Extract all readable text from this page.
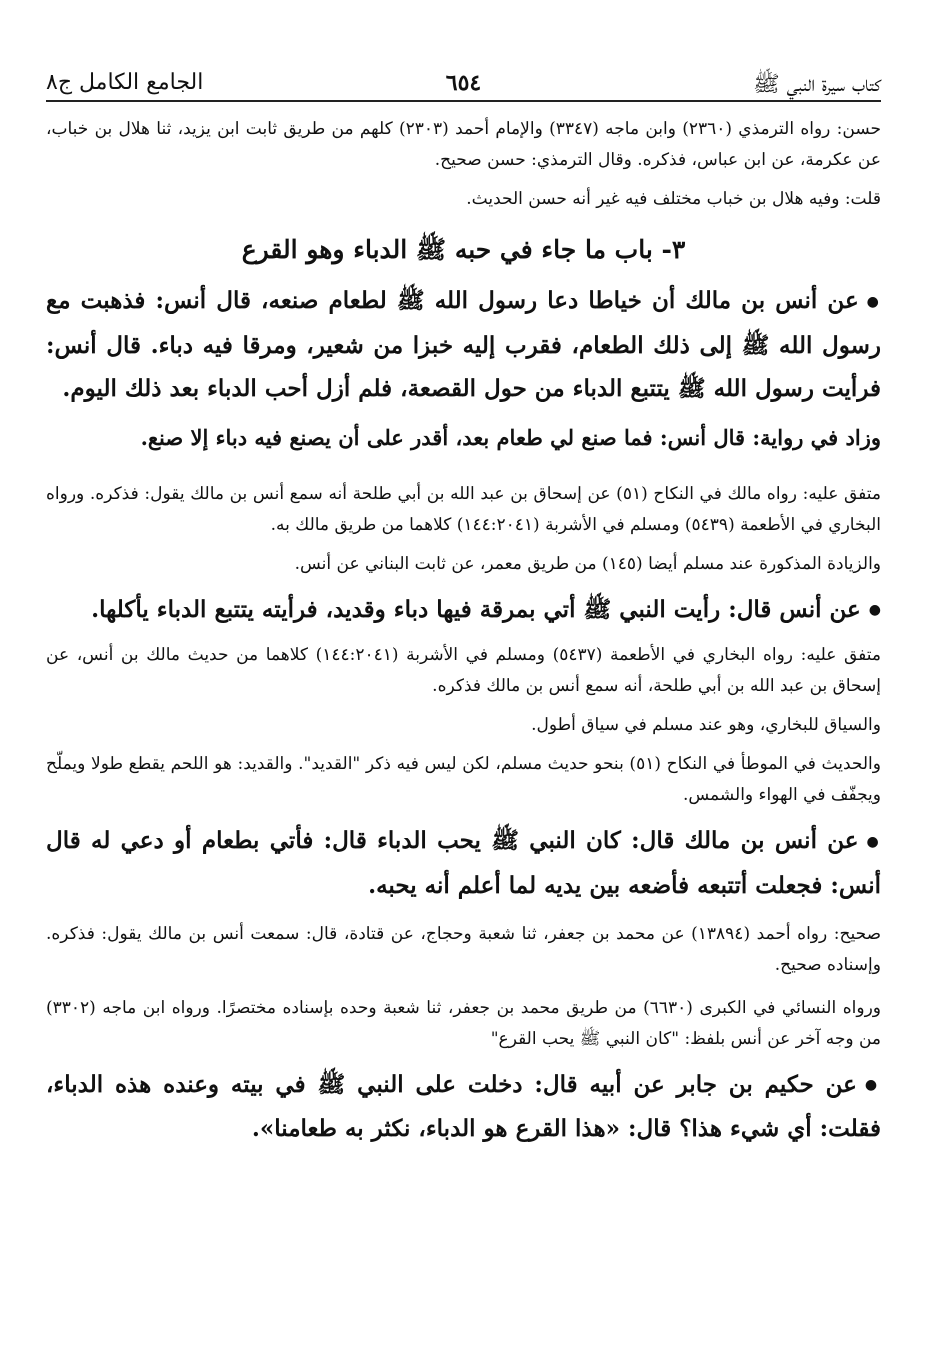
كتاب سيرة النبي ﷺ
٦٥٤
الجامع الكامل ج٨

حسن: رواه الترمذي (٢٣٦٠) وابن ماجه (٣٣٤٧) والإمام أحمد (٢٣٠٣) كلهم من طريق ثابت ابن يزيد، ثنا هلال بن خباب، عن عكرمة، عن ابن عباس، فذكره. وقال الترمذي: حسن صحيح.

قلت: وفيه هلال بن خباب مختلف فيه غير أنه حسن الحديث.

٣- باب ما جاء في حبه ﷺ الدباء وهو القرع

● عن أنس بن مالك أن خياطا دعا رسول الله ﷺ لطعام صنعه، قال أنس: فذهبت مع رسول الله ﷺ إلى ذلك الطعام، فقرب إليه خبزا من شعير، ومرقا فيه دباء. قال أنس: فرأيت رسول الله ﷺ يتتبع الدباء من حول القصعة، فلم أزل أحب الدباء بعد ذلك اليوم.

وزاد في رواية: قال أنس: فما صنع لي طعام بعد، أقدر على أن يصنع فيه دباء إلا صنع.

متفق عليه: رواه مالك في النكاح (٥١) عن إسحاق بن عبد الله بن أبي طلحة أنه سمع أنس بن مالك يقول: فذكره. ورواه البخاري في الأطعمة (٥٤٣٩) ومسلم في الأشربة (١٤٤:٢٠٤١) كلاهما من طريق مالك به.

والزيادة المذكورة عند مسلم أيضا (١٤٥) من طريق معمر، عن ثابت البناني عن أنس.

● عن أنس قال: رأيت النبي ﷺ أتي بمرقة فيها دباء وقديد، فرأيته يتتبع الدباء يأكلها.

متفق عليه: رواه البخاري في الأطعمة (٥٤٣٧) ومسلم في الأشربة (١٤٤:٢٠٤١) كلاهما من حديث مالك بن أنس، عن إسحاق بن عبد الله بن أبي طلحة، أنه سمع أنس بن مالك فذكره.

والسياق للبخاري، وهو عند مسلم في سياق أطول.

والحديث في الموطأ في النكاح (٥١) بنحو حديث مسلم، لكن ليس فيه ذكر "القديد". والقديد: هو اللحم يقطع طولا ويملّح ويجفّف في الهواء والشمس.

● عن أنس بن مالك قال: كان النبي ﷺ يحب الدباء قال: فأتي بطعام أو دعي له قال أنس: فجعلت أتتبعه فأضعه بين يديه لما أعلم أنه يحبه.

صحيح: رواه أحمد (١٣٨٩٤) عن محمد بن جعفر، ثنا شعبة وحجاج، عن قتادة، قال: سمعت أنس بن مالك يقول: فذكره. وإسناده صحيح.

ورواه النسائي في الكبرى (٦٦٣٠) من طريق محمد بن جعفر، ثنا شعبة وحده بإسناده مختصرًا. ورواه ابن ماجه (٣٣٠٢) من وجه آخر عن أنس بلفظ: "كان النبي ﷺ يحب القرع"

● عن حكيم بن جابر عن أبيه قال: دخلت على النبي ﷺ في بيته وعنده هذه الدباء، فقلت: أي شيء هذا؟ قال: «هذا القرع هو الدباء، نكثر به طعامنا».
